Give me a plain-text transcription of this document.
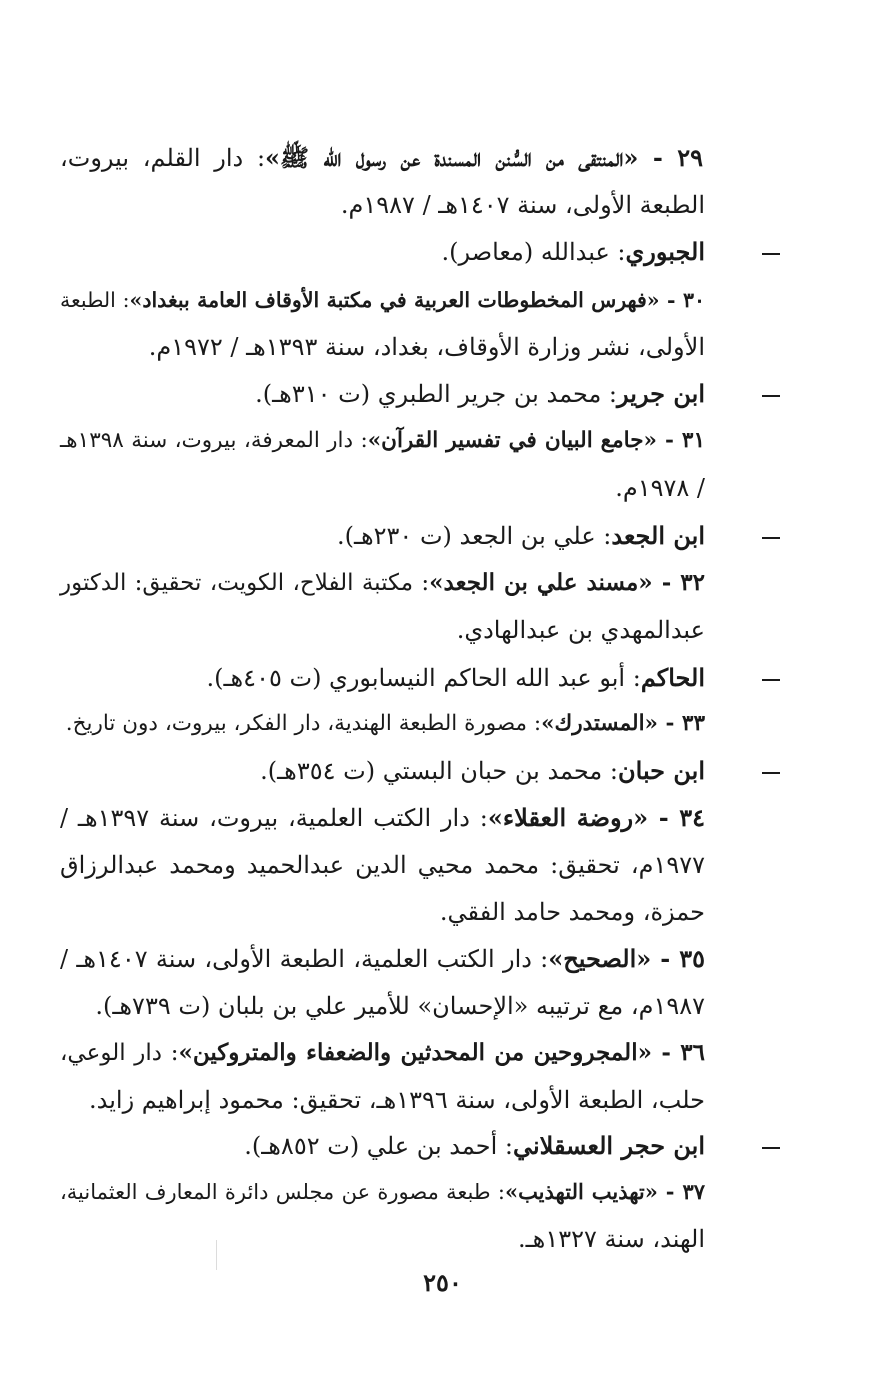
٢٩ - «المنتقى من السُّنن المسندة عن رسول الله ﷺ»: دار القلم، بيروت،
الطبعة الأولى، سنة ١٤٠٧هـ / ١٩٨٧م.
الجبوري: عبدالله (معاصر).
٣٠ - «فهرس المخطوطات العربية في مكتبة الأوقاف العامة ببغداد»: الطبعة
الأولى، نشر وزارة الأوقاف، بغداد، سنة ١٣٩٣هـ / ١٩٧٢م.
ابن جرير: محمد بن جرير الطبري (ت ٣١٠هـ).
٣١ - «جامع البيان في تفسير القرآن»: دار المعرفة، بيروت، سنة ١٣٩٨هـ
/ ١٩٧٨م.
ابن الجعد: علي بن الجعد (ت ٢٣٠هـ).
٣٢ - «مسند علي بن الجعد»: مكتبة الفلاح، الكويت، تحقيق: الدكتور
عبدالمهدي بن عبدالهادي.
الحاكم: أبو عبد الله الحاكم النيسابوري (ت ٤٠٥هـ).
٣٣ - «المستدرك»: مصورة الطبعة الهندية، دار الفكر، بيروت، دون تاريخ.
ابن حبان: محمد بن حبان البستي (ت ٣٥٤هـ).
٣٤ - «روضة العقلاء»: دار الكتب العلمية، بيروت، سنة ١٣٩٧هـ /
١٩٧٧م، تحقيق: محمد محيي الدين عبدالحميد ومحمد عبدالرزاق
حمزة، ومحمد حامد الفقي.
٣٥ - «الصحيح»: دار الكتب العلمية، الطبعة الأولى، سنة ١٤٠٧هـ /
١٩٨٧م، مع ترتيبه «الإحسان» للأمير علي بن بلبان (ت ٧٣٩هـ).
٣٦ - «المجروحين من المحدثين والضعفاء والمتروكين»: دار الوعي،
حلب، الطبعة الأولى، سنة ١٣٩٦هـ، تحقيق: محمود إبراهيم زايد.
ابن حجر العسقلاني: أحمد بن علي (ت ٨٥٢هـ).
٣٧ - «تهذيب التهذيب»: طبعة مصورة عن مجلس دائرة المعارف العثمانية،
الهند، سنة ١٣٢٧هـ.
٢٥٠
